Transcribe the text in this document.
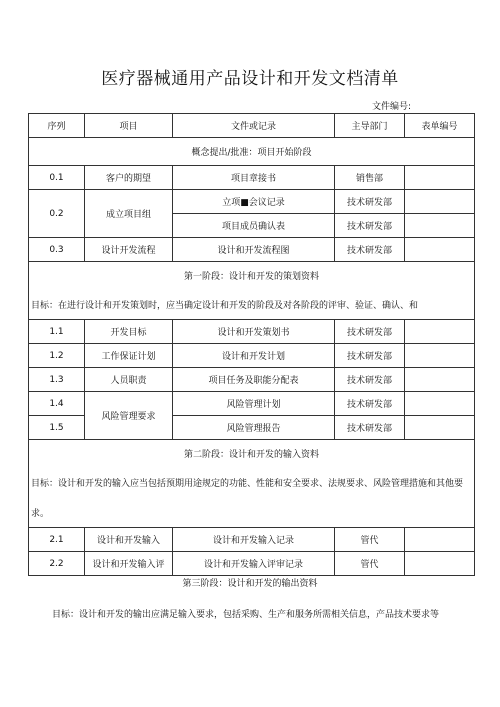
医疗器械通用产品设计和开发文档清单
文件编号:
序列	项目	文件或记录	主导部门	表单编号
概念提出/批准：项目开始阶段				
0.1	客户的期望	项目章接书	销售部	
0.2	成立项目组	立项■会议记录	技术研发部	
		项目成员确认表	技术研发部	
0.3	设计开发流程	设计和开发流程图	技术研发部	
第一阶段：设计和开发的策划资料				
目标：在进行设计和开发策划时，应当确定设计和开发的阶段及对各阶段的评审、验证、确认、和				
1.1	开发目标	设计和开发策划书	技术研发部	
1.2	工作保证计划	设计和开发计划	技术研发部	
1.3	人员职责	项目任务及职能分配表	技术研发部	
1.4	风险管理要求	风险管理计划	技术研发部	
1.5		风险管理报告	技术研发部	
第二阶段：设计和开发的输入资料				
目标：设计和开发的输入应当包括预期用途规定的功能、性能和安全要求、法规要求、风险管理措施和其他要				
求。				
2.1	设计和开发输入	设计和开发输入记录	管代	
2.2	设计和开发输入评	设计和开发输入评审记录	管代	
第三阶段：设计和开发的输出资料
目标：设计和开发的输出应满足输入要求，包括采购、生产和服务所需相关信息，产品技术要求等
